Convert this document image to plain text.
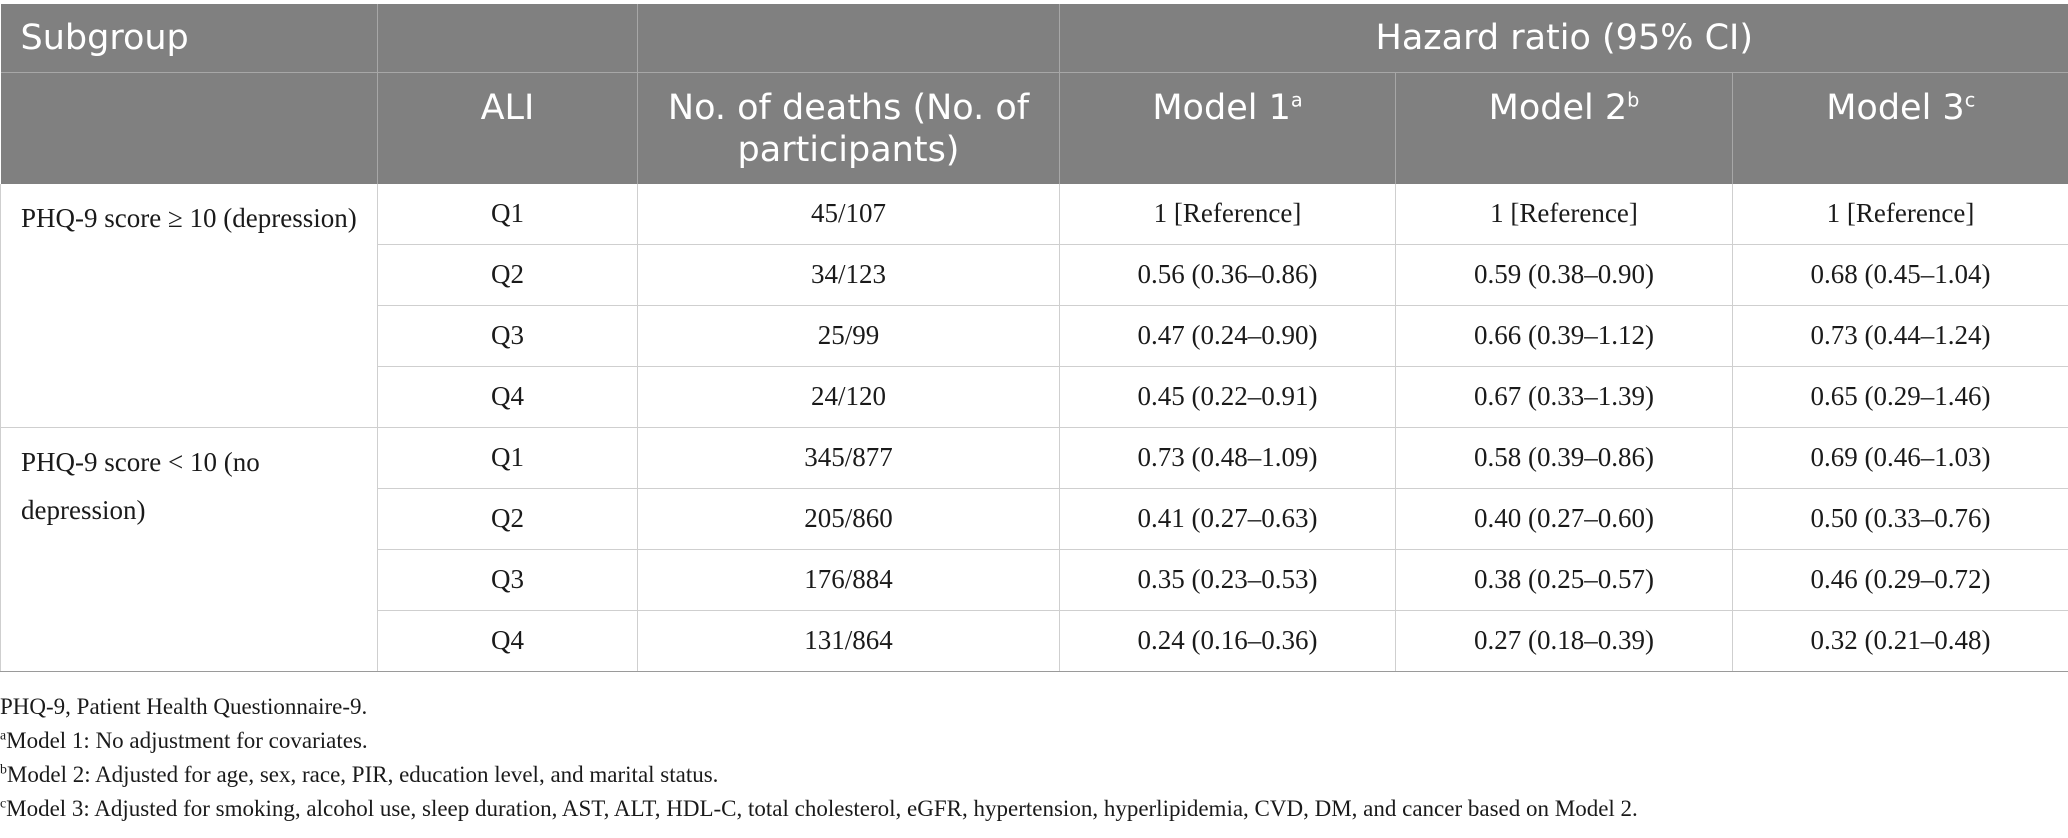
Subgroup			Hazard ratio (95% CI)		
	ALI	No. of deaths (No. of participants)	Model 1$^a$	Model 2$^b$	Model 3$^c$
PHQ-9 score ≥ 10 (depression)	Q1	45/107	1 [Reference]	1 [Reference]	1 [Reference]
	Q2	34/123	0.56 (0.36–0.86)	0.59 (0.38–0.90)	0.68 (0.45–1.04)
	Q3	25/99	0.47 (0.24–0.90)	0.66 (0.39–1.12)	0.73 (0.44–1.24)
	Q4	24/120	0.45 (0.22–0.91)	0.67 (0.33–1.39)	0.65 (0.29–1.46)
PHQ-9 score < 10 (no depression)	Q1	345/877	0.73 (0.48–1.09)	0.58 (0.39–0.86)	0.69 (0.46–1.03)
	Q2	205/860	0.41 (0.27–0.63)	0.40 (0.27–0.60)	0.50 (0.33–0.76)
	Q3	176/884	0.35 (0.23–0.53)	0.38 (0.25–0.57)	0.46 (0.29–0.72)
	Q4	131/864	0.24 (0.16–0.36)	0.27 (0.18–0.39)	0.32 (0.21–0.48)
PHQ-9, Patient Health Questionnaire-9.
$^a$Model 1: No adjustment for covariates.
$^b$Model 2: Adjusted for age, sex, race, PIR, education level, and marital status.
$^c$Model 3: Adjusted for smoking, alcohol use, sleep duration, AST, ALT, HDL-C, total cholesterol, eGFR, hypertension, hyperlipidemia, CVD, DM, and cancer based on Model 2.
